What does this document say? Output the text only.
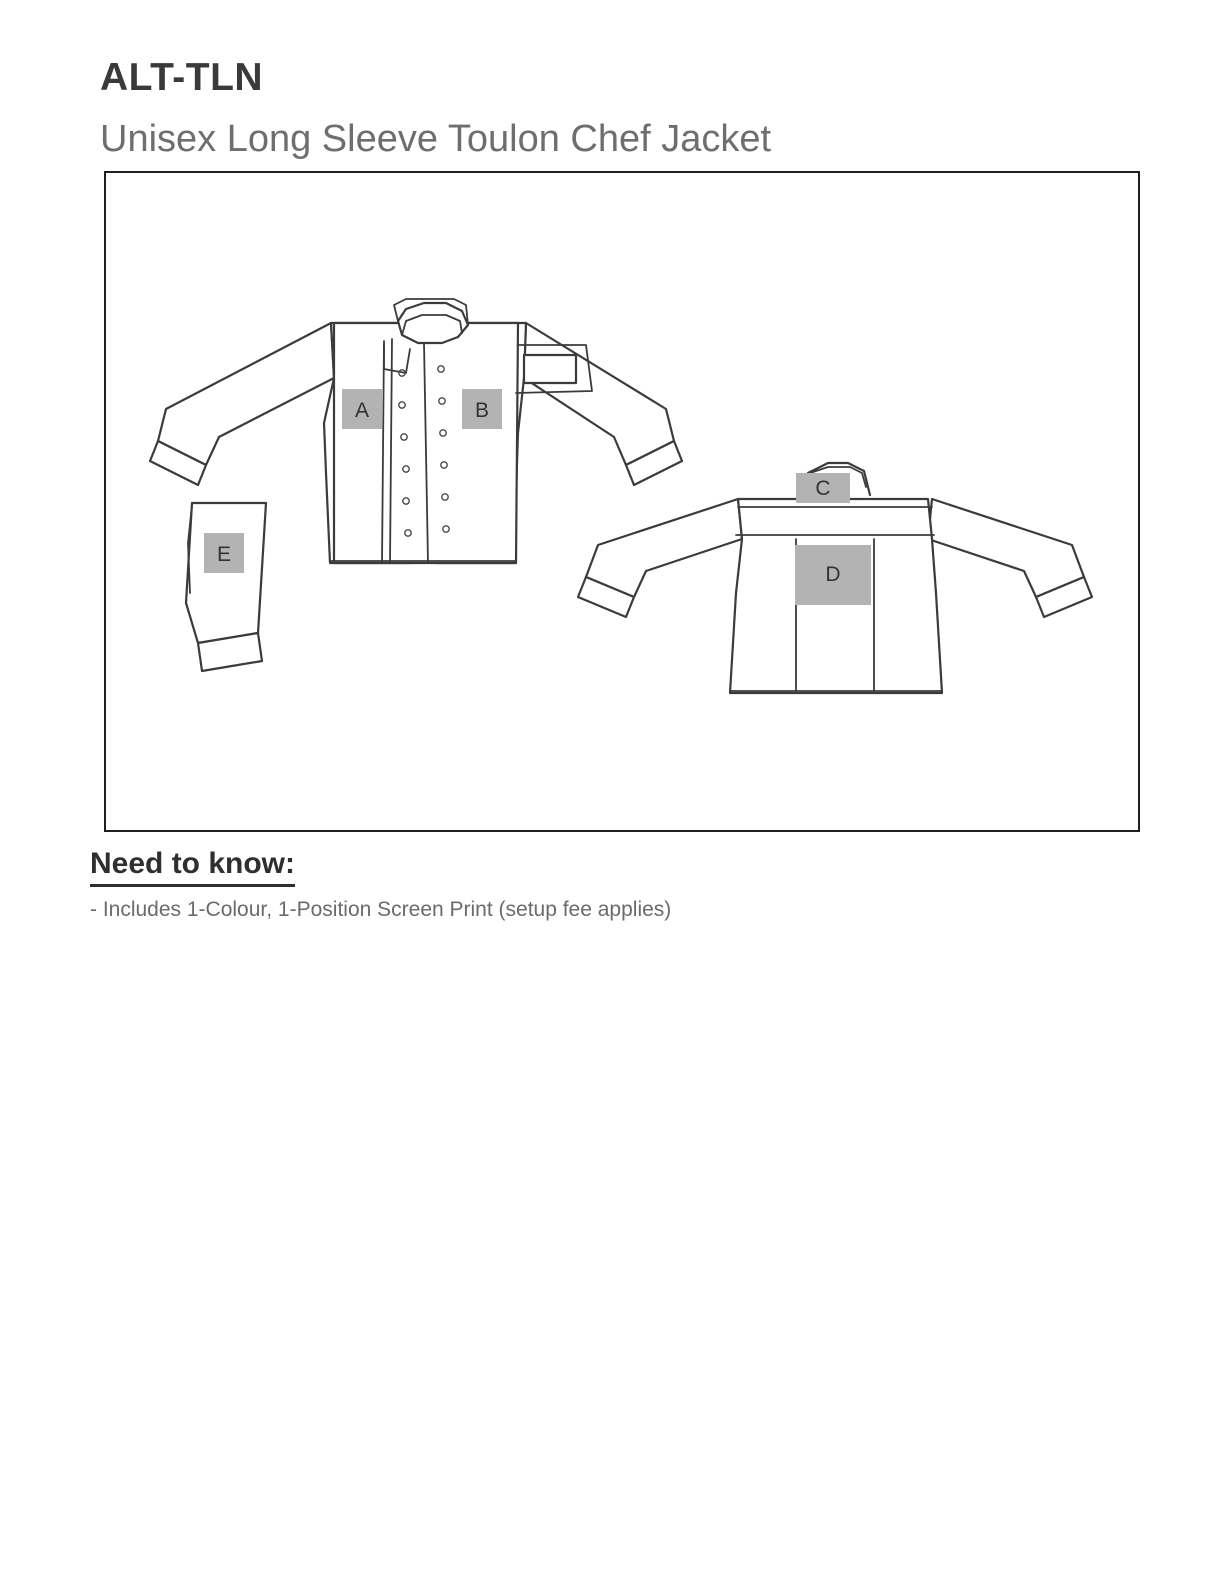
ALT-TLN
Unisex Long Sleeve Toulon Chef Jacket
A	B
E
C
D
Need to know:
- Includes 1-Colour, 1-Position Screen Print (setup fee applies)
